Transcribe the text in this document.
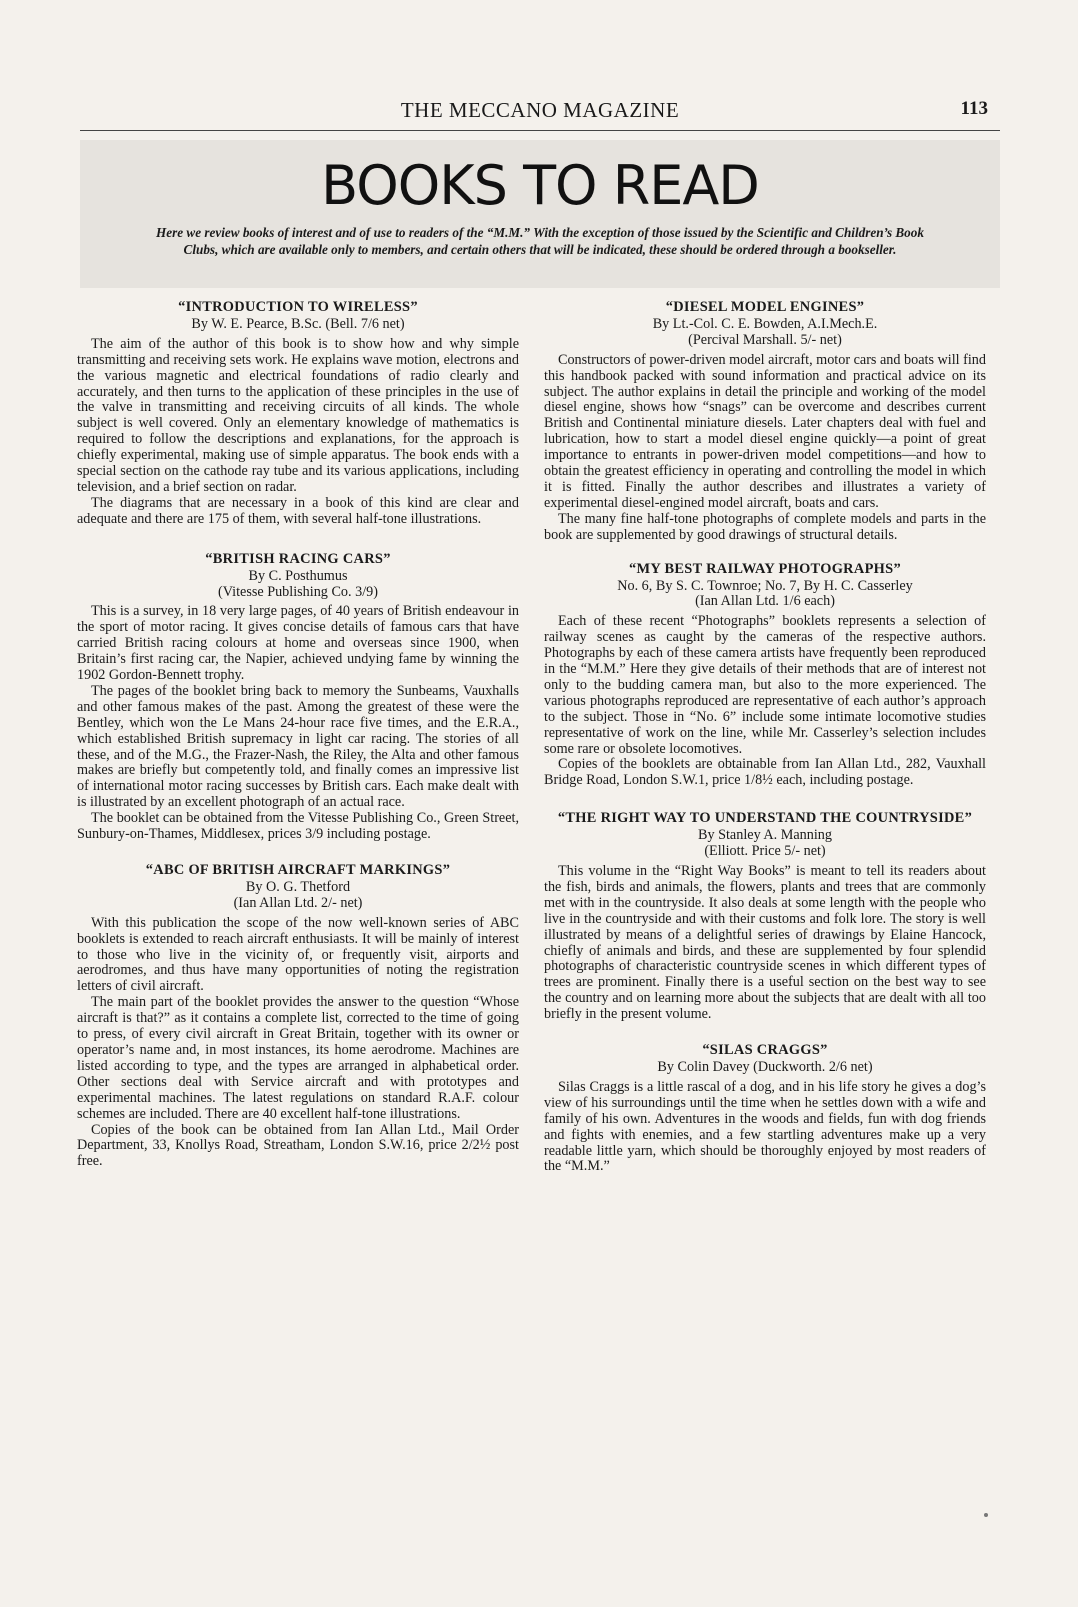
THE MECCANO MAGAZINE	113
BOOKS TO READ
Here we review books of interest and of use to readers of the “M.M.” With the exception of those issued by the Scientific and Children’s Book Clubs, which are available only to members, and certain others that will be indicated, these should be ordered through a bookseller.
“INTRODUCTION TO WIRELESS”
By W. E. Pearce, B.Sc. (Bell. 7/6 net)

The aim of the author of this book is to show how and why simple transmitting and receiving sets work. He explains wave motion, electrons and the various magnetic and electrical foundations of radio clearly and accurately, and then turns to the application of these principles in the use of the valve in transmitting and receiving circuits of all kinds. The whole subject is well covered. Only an elementary knowledge of mathematics is required to follow the descriptions and explanations, for the approach is chiefly experimental, making use of simple apparatus. The book ends with a special section on the cathode ray tube and its various applications, including television, and a brief section on radar.

The diagrams that are necessary in a book of this kind are clear and adequate and there are 175 of them, with several half-tone illustrations.

“BRITISH RACING CARS”
By C. Posthumus
(Vitesse Publishing Co. 3/9)

This is a survey, in 18 very large pages, of 40 years of British endeavour in the sport of motor racing. It gives concise details of famous cars that have carried British racing colours at home and overseas since 1900, when Britain’s first racing car, the Napier, achieved undying fame by winning the 1902 Gordon-Bennett trophy.

The pages of the booklet bring back to memory the Sunbeams, Vauxhalls and other famous makes of the past. Among the greatest of these were the Bentley, which won the Le Mans 24-hour race five times, and the E.R.A., which established British supremacy in light car racing. The stories of all these, and of the M.G., the Frazer-Nash, the Riley, the Alta and other famous makes are briefly but competently told, and finally comes an impressive list of international motor racing successes by British cars. Each make dealt with is illustrated by an excellent photograph of an actual race.

The booklet can be obtained from the Vitesse Publishing Co., Green Street, Sunbury-on-Thames, Middlesex, prices 3/9 including postage.

“ABC OF BRITISH AIRCRAFT MARKINGS”
By O. G. Thetford
(Ian Allan Ltd. 2/- net)

With this publication the scope of the now well-known series of ABC booklets is extended to reach aircraft enthusiasts. It will be mainly of interest to those who live in the vicinity of, or frequently visit, airports and aerodromes, and thus have many opportunities of noting the registration letters of civil aircraft.

The main part of the booklet provides the answer to the question “Whose aircraft is that?” as it contains a complete list, corrected to the time of going to press, of every civil aircraft in Great Britain, together with its owner or operator’s name and, in most instances, its home aerodrome. Machines are listed according to type, and the types are arranged in alphabetical order. Other sections deal with Service aircraft and with prototypes and experimental machines. The latest regulations on standard R.A.F. colour schemes are included. There are 40 excellent half-tone illustrations.

Copies of the book can be obtained from Ian Allan Ltd., Mail Order Department, 33, Knollys Road, Streatham, London S.W.16, price 2/2½ post free.

“DIESEL MODEL ENGINES”
By Lt.-Col. C. E. Bowden, A.I.Mech.E.
(Percival Marshall. 5/- net)

Constructors of power-driven model aircraft, motor cars and boats will find this handbook packed with sound information and practical advice on its subject. The author explains in detail the principle and working of the model diesel engine, shows how “snags” can be overcome and describes current British and Continental miniature diesels. Later chapters deal with fuel and lubrication, how to start a model diesel engine quickly—a point of great importance to entrants in power-driven model competitions—and how to obtain the greatest efficiency in operating and controlling the model in which it is fitted. Finally the author describes and illustrates a variety of experimental diesel-engined model aircraft, boats and cars.

The many fine half-tone photographs of complete models and parts in the book are supplemented by good drawings of structural details.

“MY BEST RAILWAY PHOTOGRAPHS”
No. 6, By S. C. Townroe; No. 7, By H. C. Casserley
(Ian Allan Ltd. 1/6 each)

Each of these recent “Photographs” booklets represents a selection of railway scenes as caught by the cameras of the respective authors. Photographs by each of these camera artists have frequently been reproduced in the “M.M.” Here they give details of their methods that are of interest not only to the budding camera man, but also to the more experienced. The various photographs reproduced are representative of each author’s approach to the subject. Those in “No. 6” include some intimate locomotive studies representative of work on the line, while Mr. Casserley’s selection includes some rare or obsolete locomotives.

Copies of the booklets are obtainable from Ian Allan Ltd., 282, Vauxhall Bridge Road, London S.W.1, price 1/8½ each, including postage.

“THE RIGHT WAY TO UNDERSTAND THE COUNTRYSIDE”
By Stanley A. Manning
(Elliott. Price 5/- net)

This volume in the “Right Way Books” is meant to tell its readers about the fish, birds and animals, the flowers, plants and trees that are commonly met with in the countryside. It also deals at some length with the people who live in the countryside and with their customs and folk lore. The story is well illustrated by means of a delightful series of drawings by Elaine Hancock, chiefly of animals and birds, and these are supplemented by four splendid photographs of characteristic countryside scenes in which different types of trees are prominent. Finally there is a useful section on the best way to see the country and on learning more about the subjects that are dealt with all too briefly in the present volume.

“SILAS CRAGGS”
By Colin Davey (Duckworth. 2/6 net)

Silas Craggs is a little rascal of a dog, and in his life story he gives a dog’s view of his surroundings until the time when he settles down with a wife and family of his own. Adventures in the woods and fields, fun with dog friends and fights with enemies, and a few startling adventures make up a very readable little yarn, which should be thoroughly enjoyed by most readers of the “M.M.”
